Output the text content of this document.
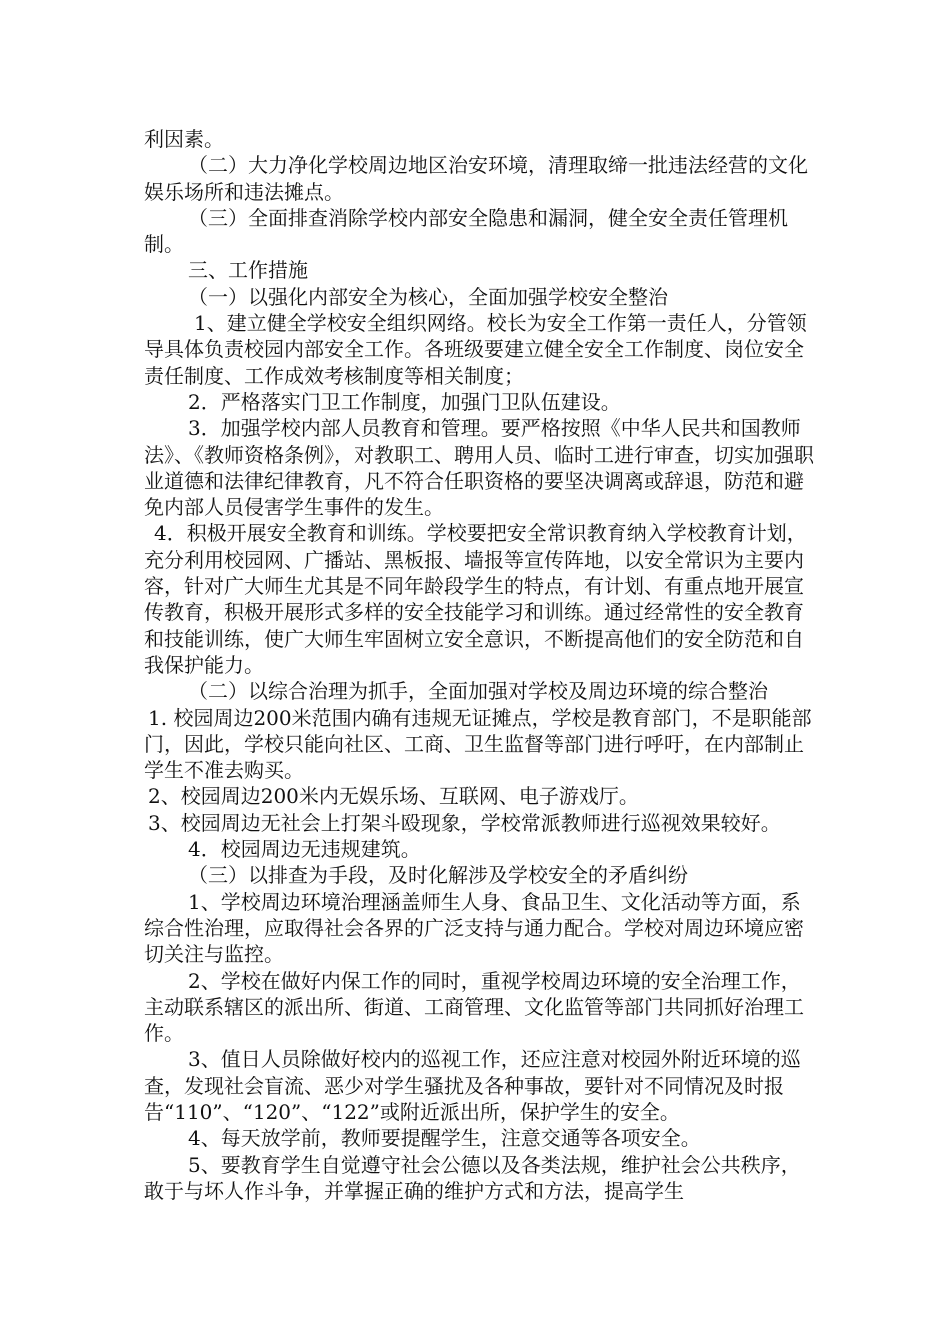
利因素。

（二）大力净化学校周边地区治安环境，清理取缔一批违法经营的文化娱乐场所和违法摊点。

（三）全面排查消除学校内部安全隐患和漏洞，健全安全责任管理机制。

三、工作措施

（一）以强化内部安全为核心，全面加强学校安全整治

1、建立健全学校安全组织网络。校长为安全工作第一责任人，分管领导具体负责校园内部安全工作。各班级要建立健全安全工作制度、岗位安全责任制度、工作成效考核制度等相关制度；

2．严格落实门卫工作制度，加强门卫队伍建设。

3．加强学校内部人员教育和管理。要严格按照《中华人民共和国教师法》、《教师资格条例》，对教职工、聘用人员、临时工进行审查，切实加强职业道德和法律纪律教育，凡不符合任职资格的要坚决调离或辞退，防范和避免内部人员侵害学生事件的发生。

4．积极开展安全教育和训练。学校要把安全常识教育纳入学校教育计划，充分利用校园网、广播站、黑板报、墙报等宣传阵地，以安全常识为主要内容，针对广大师生尤其是不同年龄段学生的特点，有计划、有重点地开展宣传教育，积极开展形式多样的安全技能学习和训练。通过经常性的安全教育和技能训练，使广大师生牢固树立安全意识，不断提高他们的安全防范和自我保护能力。

（二）以综合治理为抓手，全面加强对学校及周边环境的综合整治

1. 校园周边200米范围内确有违规无证摊点，学校是教育部门，不是职能部门，因此，学校只能向社区、工商、卫生监督等部门进行呼吁，在内部制止学生不准去购买。

2、校园周边200米内无娱乐场、互联网、电子游戏厅。

3、校园周边无社会上打架斗殴现象，学校常派教师进行巡视效果较好。

4．校园周边无违规建筑。

（三）以排查为手段，及时化解涉及学校安全的矛盾纠纷

1、学校周边环境治理涵盖师生人身、食品卫生、文化活动等方面，系综合性治理，应取得社会各界的广泛支持与通力配合。学校对周边环境应密切关注与监控。

2、学校在做好内保工作的同时，重视学校周边环境的安全治理工作，主动联系辖区的派出所、街道、工商管理、文化监管等部门共同抓好治理工作。

3、值日人员除做好校内的巡视工作，还应注意对校园外附近环境的巡查，发现社会盲流、恶少对学生骚扰及各种事故，要针对不同情况及时报告“110”、“120”、“122”或附近派出所，保护学生的安全。

4、每天放学前，教师要提醒学生，注意交通等各项安全。

5、要教育学生自觉遵守社会公德以及各类法规，维护社会公共秩序，敢于与坏人作斗争，并掌握正确的维护方式和方法，提高学生
